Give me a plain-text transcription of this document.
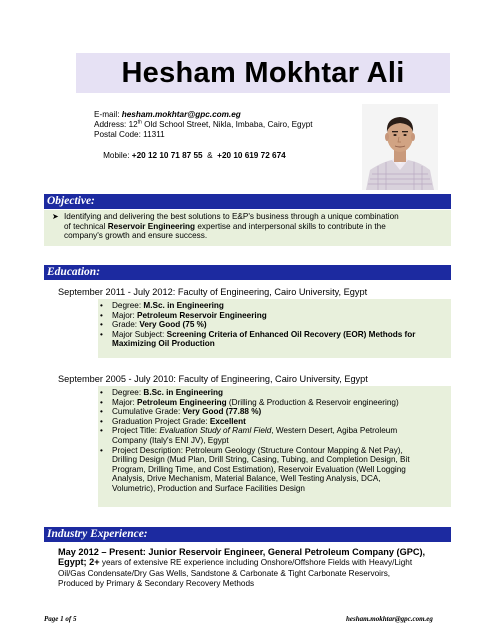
Hesham Mokhtar Ali
E-mail: hesham.mokhtar@gpc.com.eg
Address: 12th Old School Street, Nikla, Imbaba, Cairo, Egypt
Postal Code: 11311

Mobile: +20 12 10 71 87 55  &  +20 10 619 72 674

Objective:
➤ Identifying and delivering the best solutions to E&P's business through a unique combination
of technical Reservoir Engineering expertise and interpersonal skills to contribute in the
company's growth and ensure success.
Education:
September 2011 - July 2012: Faculty of Engineering, Cairo University, Egypt
•	Degree: M.Sc. in Engineering
•	Major: Petroleum Reservoir Engineering
•	Grade: Very Good (75 %)
•	Major Subject: Screening Criteria of Enhanced Oil Recovery (EOR) Methods for
Maximizing Oil Production
September 2005 - July 2010: Faculty of Engineering, Cairo University, Egypt
•	Degree: B.Sc. in Engineering
•	Major: Petroleum Engineering (Drilling & Production & Reservoir engineering)
•	Cumulative Grade: Very Good (77.88 %)
•	Graduation Project Grade: Excellent
•	Project Title: Evaluation Study of Raml Field, Western Desert, Agiba Petroleum
Company (Italy's ENI JV), Egypt
•	Project Description: Petroleum Geology (Structure Contour Mapping & Net Pay),
Drilling Design (Mud Plan, Drill String, Casing, Tubing, and Completion Design, Bit
Program, Drilling Time, and Cost Estimation), Reservoir Evaluation (Well Logging
Analysis, Drive Mechanism, Material Balance, Well Testing Analysis, DCA,
Volumetric), Production and Surface Facilities Design
Industry Experience:
May 2012 – Present: Junior Reservoir Engineer, General Petroleum Company (GPC),
Egypt; 2+ years of extensive RE experience including Onshore/Offshore Fields with Heavy/Light
Oil/Gas Condensate/Dry Gas Wells, Sandstone & Carbonate & Tight Carbonate Reservoirs,
Produced by Primary & Secondary Recovery Methods
Page 1 of 5	hesham.mokhtar@gpc.com.eg
